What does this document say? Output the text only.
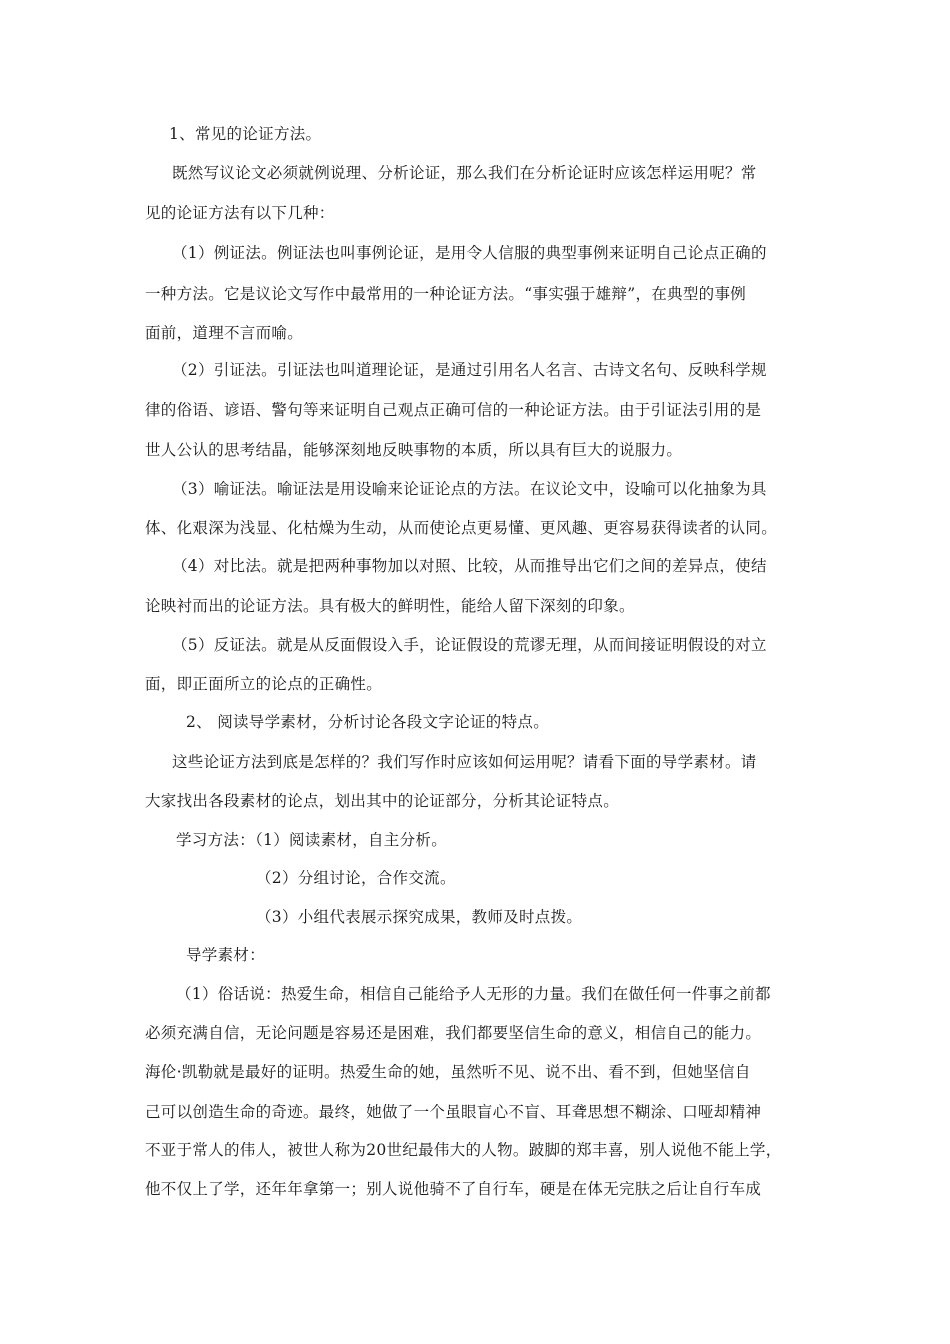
1、常见的论证方法。
既然写议论文必须就例说理、分析论证，那么我们在分析论证时应该怎样运用呢？常
见的论证方法有以下几种：
（1）例证法。例证法也叫事例论证，是用令人信服的典型事例来证明自己论点正确的
一种方法。它是议论文写作中最常用的一种论证方法。“事实强于雄辩”，在典型的事例
面前，道理不言而喻。
（2）引证法。引证法也叫道理论证，是通过引用名人名言、古诗文名句、反映科学规
律的俗语、谚语、警句等来证明自己观点正确可信的一种论证方法。由于引证法引用的是
世人公认的思考结晶，能够深刻地反映事物的本质，所以具有巨大的说服力。
（3）喻证法。喻证法是用设喻来论证论点的方法。在议论文中，设喻可以化抽象为具
体、化艰深为浅显、化枯燥为生动，从而使论点更易懂、更风趣、更容易获得读者的认同。
（4）对比法。就是把两种事物加以对照、比较，从而推导出它们之间的差异点，使结
论映衬而出的论证方法。具有极大的鲜明性，能给人留下深刻的印象。
（5）反证法。就是从反面假设入手，论证假设的荒谬无理，从而间接证明假设的对立
面，即正面所立的论点的正确性。
2、 阅读导学素材，分析讨论各段文字论证的特点。
这些论证方法到底是怎样的？我们写作时应该如何运用呢？请看下面的导学素材。请
大家找出各段素材的论点，划出其中的论证部分，分析其论证特点。
学习方法：（1）阅读素材，自主分析。
（2）分组讨论，合作交流。
（3）小组代表展示探究成果，教师及时点拨。
导学素材：
（1）俗话说：热爱生命，相信自己能给予人无形的力量。我们在做任何一件事之前都
必须充满自信，无论问题是容易还是困难，我们都要坚信生命的意义，相信自己的能力。
海伦·凯勒就是最好的证明。热爱生命的她，虽然听不见、说不出、看不到，但她坚信自
己可以创造生命的奇迹。最终，她做了一个虽眼盲心不盲、耳聋思想不糊涂、口哑却精神
不亚于常人的伟人，被世人称为20世纪最伟大的人物。跛脚的郑丰喜，别人说他不能上学，
他不仅上了学，还年年拿第一；别人说他骑不了自行车，硬是在体无完肤之后让自行车成
